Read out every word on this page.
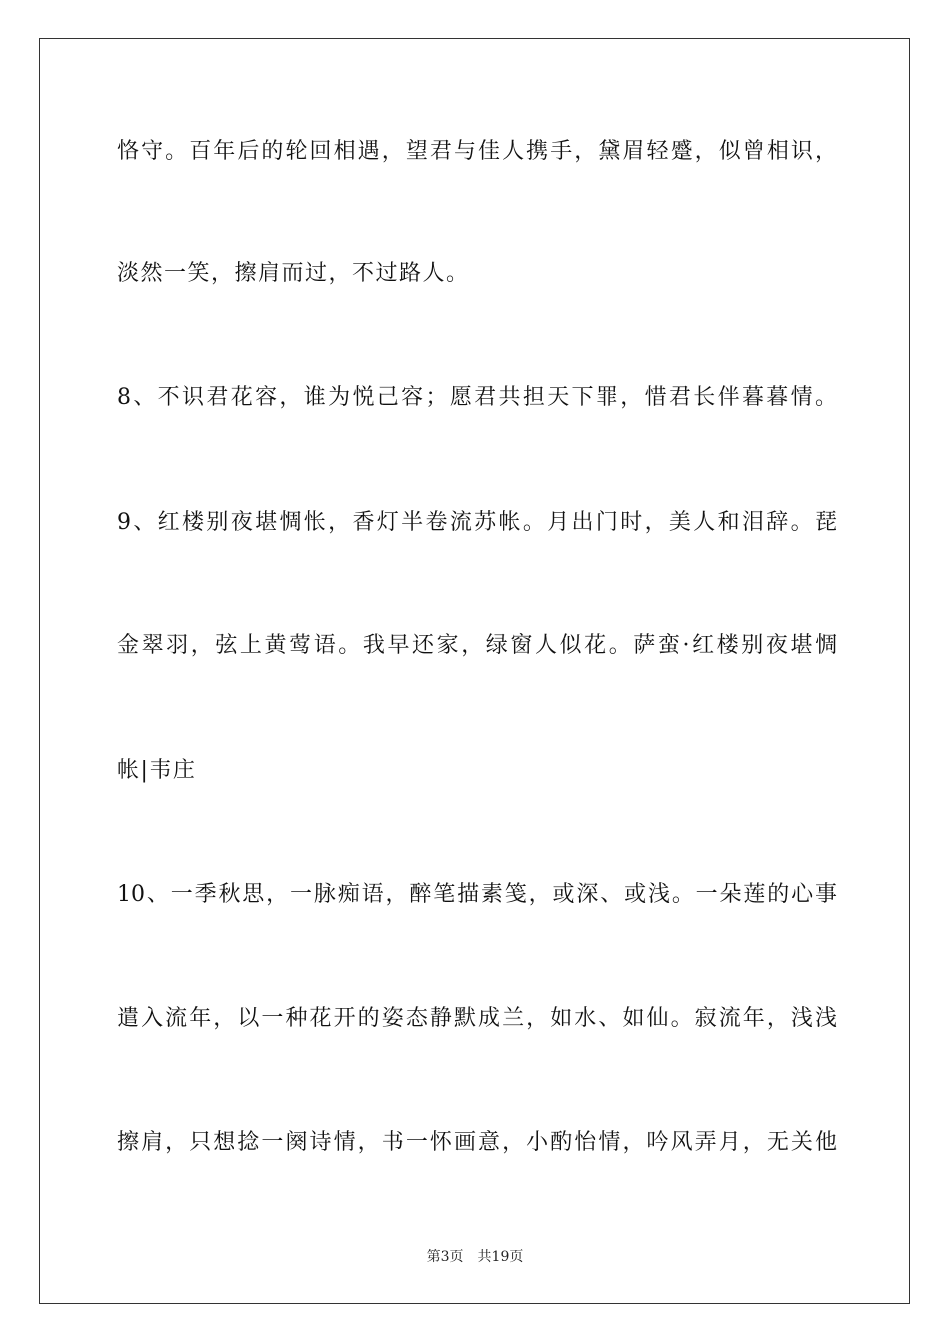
恪守。百年后的轮回相遇，望君与佳人携手，黛眉轻蹙，似曾相识，
淡然一笑，擦肩而过，不过路人。
8、不识君花容，谁为悦己容；愿君共担天下罪，惜君长伴暮暮情。
9、红楼别夜堪惆怅，香灯半卷流苏帐。月出门时，美人和泪辞。琵
金翠羽，弦上黄莺语。我早还家，绿窗人似花。萨蛮·红楼别夜堪惆
帐|韦庄
10、一季秋思，一脉痴语，醉笔描素笺，或深、或浅。一朵莲的心事
遣入流年，以一种花开的姿态静默成兰，如水、如仙。寂流年，浅浅
擦肩，只想捻一阕诗情，书一怀画意，小酌怡情，吟风弄月，无关他
第3页 共19页
